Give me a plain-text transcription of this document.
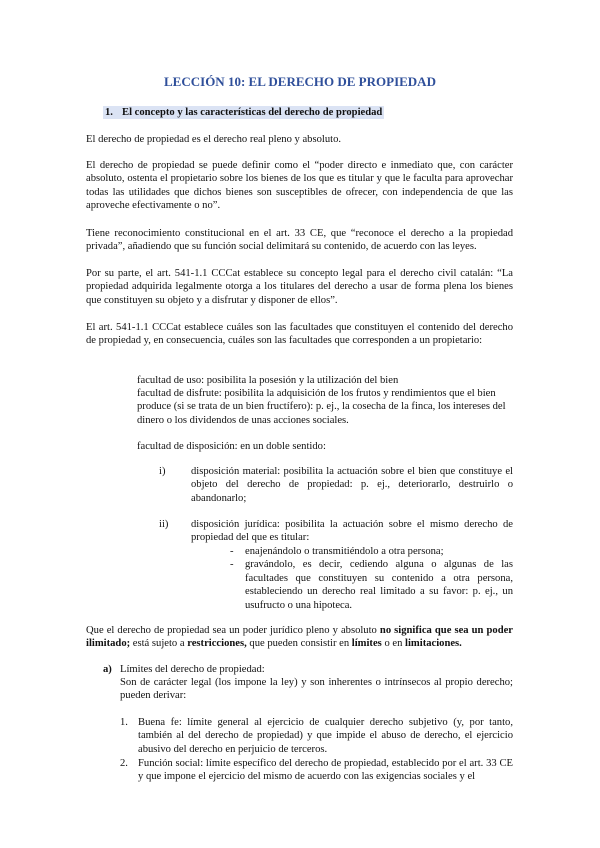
LECCIÓN 10: EL DERECHO DE PROPIEDAD
1. El concepto y las características del derecho de propiedad

El derecho de propiedad es el derecho real pleno y absoluto.

El derecho de propiedad se puede definir como el “poder directo e inmediato que, con carácter absoluto, ostenta el propietario sobre los bienes de los que es titular y que le faculta para aprovechar todas las utilidades que dichos bienes son susceptibles de ofrecer, con independencia de que las aproveche efectivamente o no”.

Tiene reconocimiento constitucional en el art. 33 CE, que “reconoce el derecho a la propiedad privada”, añadiendo que su función social delimitará su contenido, de acuerdo con las leyes.

Por su parte, el art. 541-1.1 CCCat establece su concepto legal para el derecho civil catalán: “La propiedad adquirida legalmente otorga a los titulares del derecho a usar de forma plena los bienes que constituyen su objeto y a disfrutar y disponer de ellos”.

El art. 541-1.1 CCCat establece cuáles son las facultades que constituyen el contenido del derecho de propiedad y, en consecuencia, cuáles son las facultades que corresponden a un propietario:

facultad de uso: posibilita la posesión y la utilización del bien

facultad de disfrute: posibilita la adquisición de los frutos y rendimientos que el bien produce (si se trata de un bien fructífero): p. ej., la cosecha de la finca, los intereses del dinero o los dividendos de unas acciones sociales.

facultad de disposición: en un doble sentido:

i) disposición material: posibilita la actuación sobre el bien que constituye el objeto del derecho de propiedad: p. ej., deteriorarlo, destruirlo o abandonarlo;

ii) disposición jurídica: posibilita la actuación sobre el mismo derecho de propiedad del que es titular:

- enajenándolo o transmitiéndolo a otra persona;
- gravándolo, es decir, cediendo alguna o algunas de las facultades que constituyen su contenido a otra persona, estableciendo un derecho real limitado a su favor: p. ej., un usufructo o una hipoteca.

Que el derecho de propiedad sea un poder jurídico pleno y absoluto no significa que sea un poder ilimitado; está sujeto a restricciones, que pueden consistir en límites o en limitaciones.

a) Límites del derecho de propiedad:

Son de carácter legal (los impone la ley) y son inherentes o intrínsecos al propio derecho; pueden derivar:

1. Buena fe: límite general al ejercicio de cualquier derecho subjetivo (y, por tanto, también al del derecho de propiedad) y que impide el abuso de derecho, el ejercicio abusivo del derecho en perjuicio de terceros.

2. Función social: límite específico del derecho de propiedad, establecido por el art. 33 CE y que impone el ejercicio del mismo de acuerdo con las exigencias sociales y el
